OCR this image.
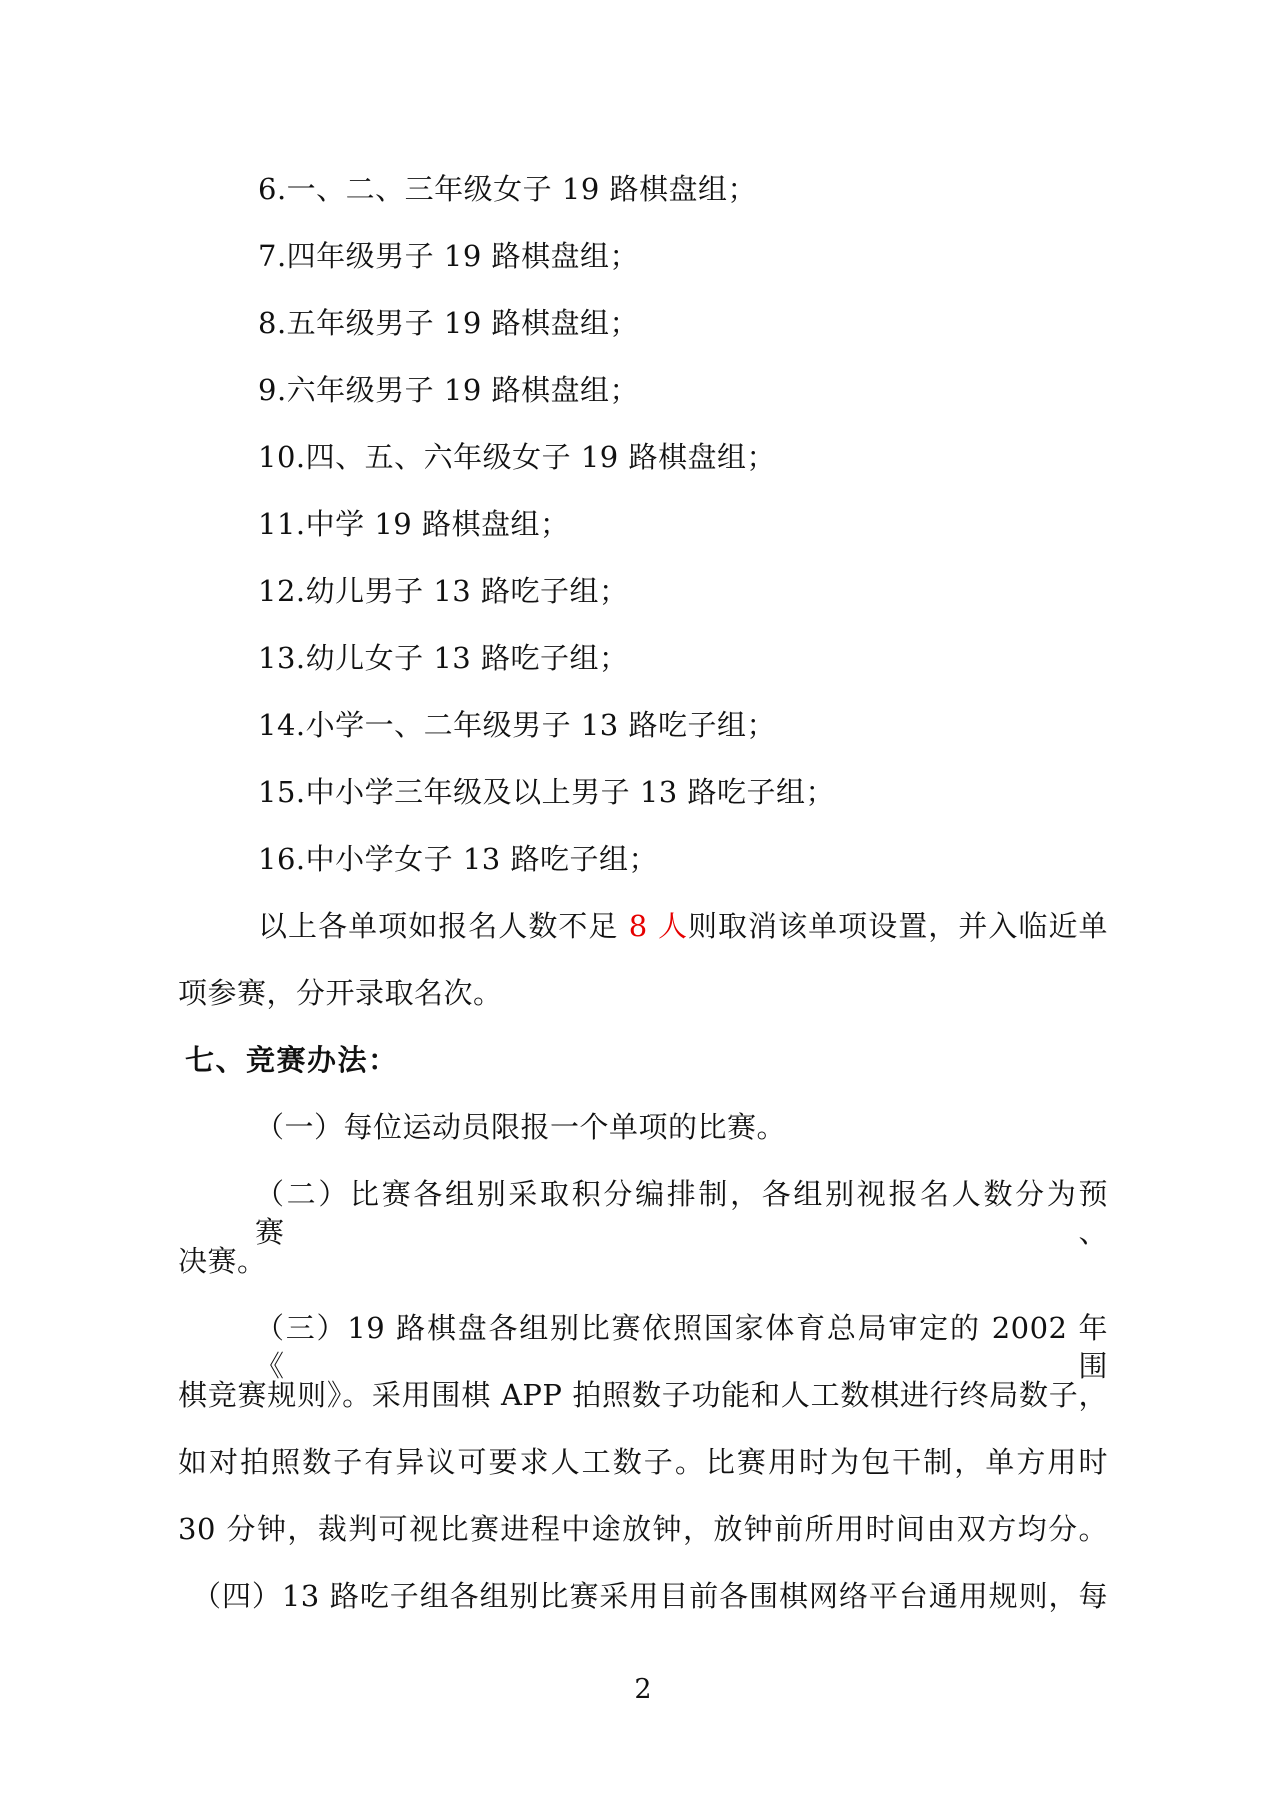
6.一、二、三年级女子 19 路棋盘组；
7.四年级男子 19 路棋盘组；
8.五年级男子 19 路棋盘组；
9.六年级男子 19 路棋盘组；
10.四、五、六年级女子 19 路棋盘组；
11.中学 19 路棋盘组；
12.幼儿男子 13 路吃子组；
13.幼儿女子 13 路吃子组；
14.小学一、二年级男子 13 路吃子组；
15.中小学三年级及以上男子 13 路吃子组；
16.中小学女子 13 路吃子组；
以上各单项如报名人数不足 8 人则取消该单项设置，并入临近单
项参赛，分开录取名次。
七、竞赛办法：
（一）每位运动员限报一个单项的比赛。
（二）比赛各组别采取积分编排制，各组别视报名人数分为预赛、
决赛。
（三）19 路棋盘各组别比赛依照国家体育总局审定的 2002 年《围
棋竞赛规则》。采用围棋 APP 拍照数子功能和人工数棋进行终局数子，
如对拍照数子有异议可要求人工数子。比赛用时为包干制，单方用时
30 分钟，裁判可视比赛进程中途放钟，放钟前所用时间由双方均分。
（四）13 路吃子组各组别比赛采用目前各围棋网络平台通用规则，每
2
